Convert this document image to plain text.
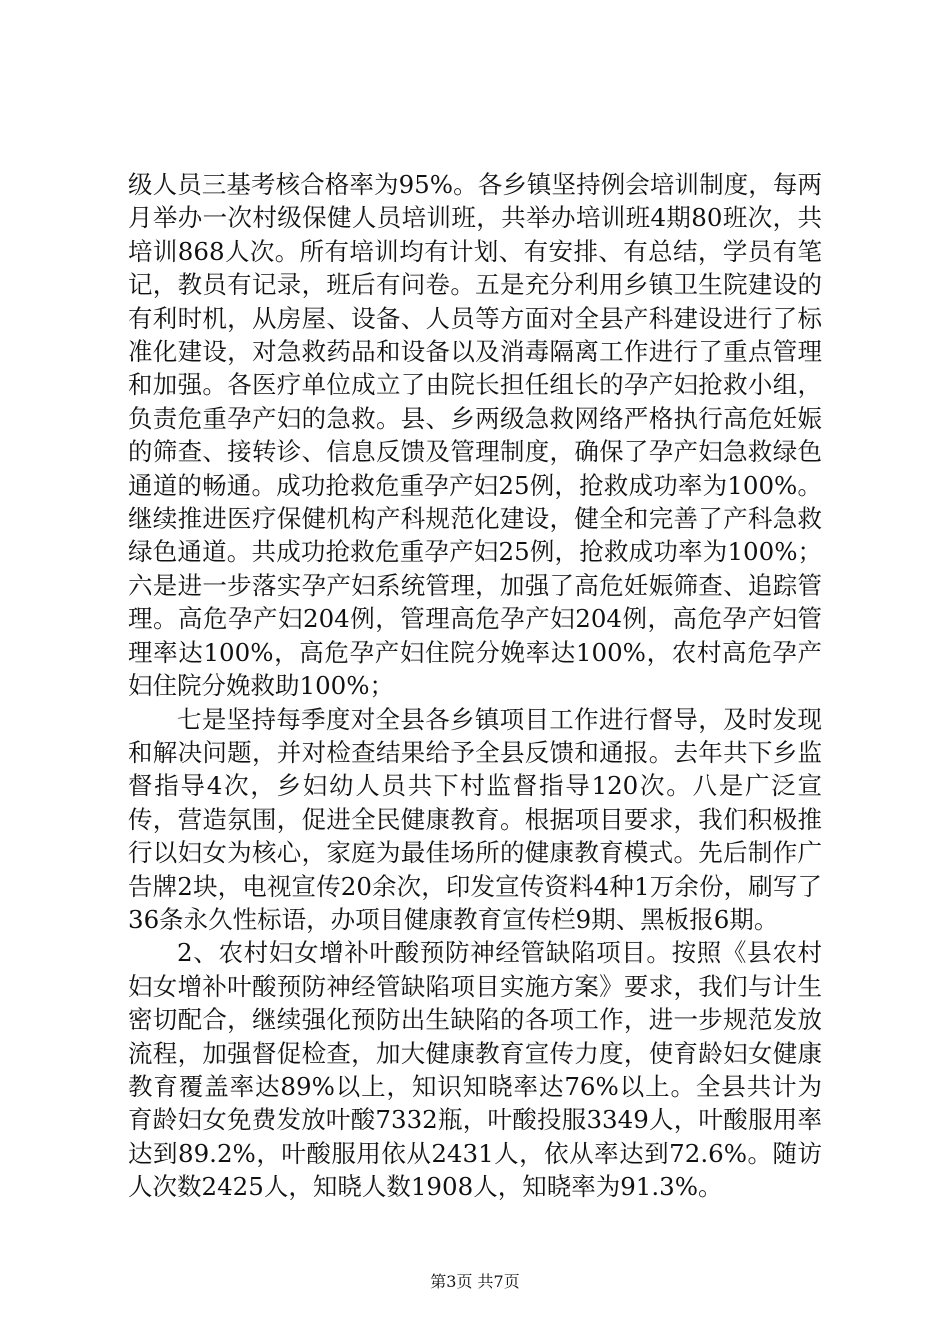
级人员三基考核合格率为95%。各乡镇坚持例会培训制度，每两月举办一次村级保健人员培训班，共举办培训班4期80班次，共培训868人次。所有培训均有计划、有安排、有总结，学员有笔记，教员有记录，班后有问卷。五是充分利用乡镇卫生院建设的有利时机，从房屋、设备、人员等方面对全县产科建设进行了标准化建设，对急救药品和设备以及消毒隔离工作进行了重点管理和加强。各医疗单位成立了由院长担任组长的孕产妇抢救小组，负责危重孕产妇的急救。县、乡两级急救网络严格执行高危妊娠的筛查、接转诊、信息反馈及管理制度，确保了孕产妇急救绿色通道的畅通。成功抢救危重孕产妇25例，抢救成功率为100%。继续推进医疗保健机构产科规范化建设，健全和完善了产科急救绿色通道。共成功抢救危重孕产妇25例，抢救成功率为100%；六是进一步落实孕产妇系统管理，加强了高危妊娠筛查、追踪管理。高危孕产妇204例，管理高危孕产妇204例，高危孕产妇管理率达100%，高危孕产妇住院分娩率达100%，农村高危孕产妇住院分娩救助100%；

七是坚持每季度对全县各乡镇项目工作进行督导，及时发现和解决问题，并对检查结果给予全县反馈和通报。去年共下乡监督指导4次，乡妇幼人员共下村监督指导120次。八是广泛宣传，营造氛围，促进全民健康教育。根据项目要求，我们积极推行以妇女为核心，家庭为最佳场所的健康教育模式。先后制作广告牌2块，电视宣传20余次，印发宣传资料4种1万余份，刷写了36条永久性标语，办项目健康教育宣传栏9期、黑板报6期。

2、农村妇女增补叶酸预防神经管缺陷项目。按照《县农村妇女增补叶酸预防神经管缺陷项目实施方案》要求，我们与计生密切配合，继续强化预防出生缺陷的各项工作，进一步规范发放流程，加强督促检查，加大健康教育宣传力度，使育龄妇女健康教育覆盖率达89%以上，知识知晓率达76%以上。全县共计为育龄妇女免费发放叶酸7332瓶，叶酸投服3349人，叶酸服用率达到89.2%，叶酸服用依从2431人，依从率达到72.6%。随访人次数2425人，知晓人数1908人，知晓率为91.3%。

第3页 共7页
